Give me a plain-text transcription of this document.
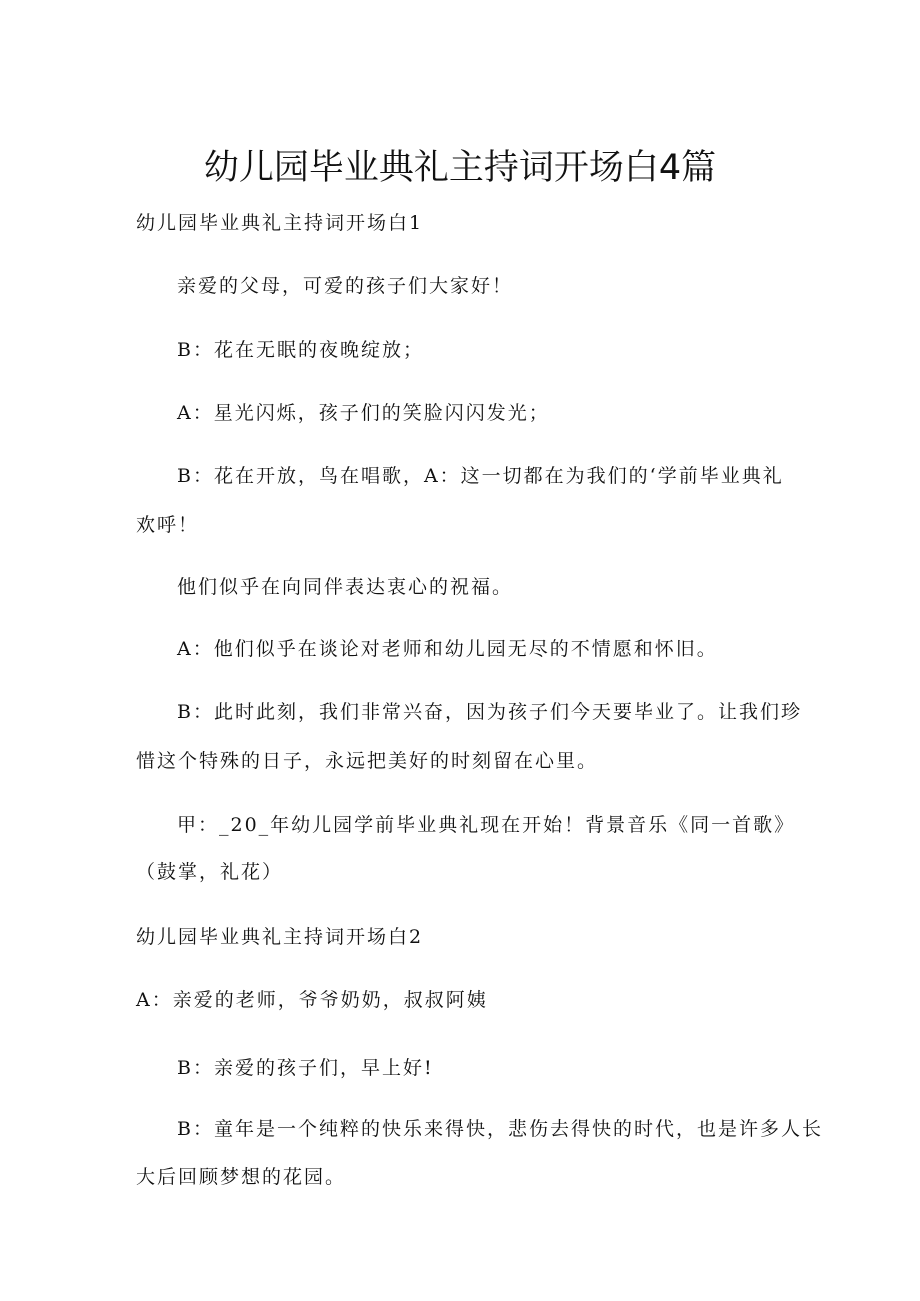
幼儿园毕业典礼主持词开场白4篇

幼儿园毕业典礼主持词开场白1

亲爱的父母，可爱的孩子们大家好！

B：花在无眠的夜晚绽放；

A：星光闪烁，孩子们的笑脸闪闪发光；

B：花在开放，鸟在唱歌，A：这一切都在为我们的‘学前毕业典礼

欢呼！

他们似乎在向同伴表达衷心的祝福。

A：他们似乎在谈论对老师和幼儿园无尽的不情愿和怀旧。

B：此时此刻，我们非常兴奋，因为孩子们今天要毕业了。让我们珍

惜这个特殊的日子，永远把美好的时刻留在心里。

甲：_20_年幼儿园学前毕业典礼现在开始！背景音乐《同一首歌》

（鼓掌，礼花）

幼儿园毕业典礼主持词开场白2

A：亲爱的老师，爷爷奶奶，叔叔阿姨

B：亲爱的孩子们，早上好!

B：童年是一个纯粹的快乐来得快，悲伤去得快的时代，也是许多人长

大后回顾梦想的花园。
